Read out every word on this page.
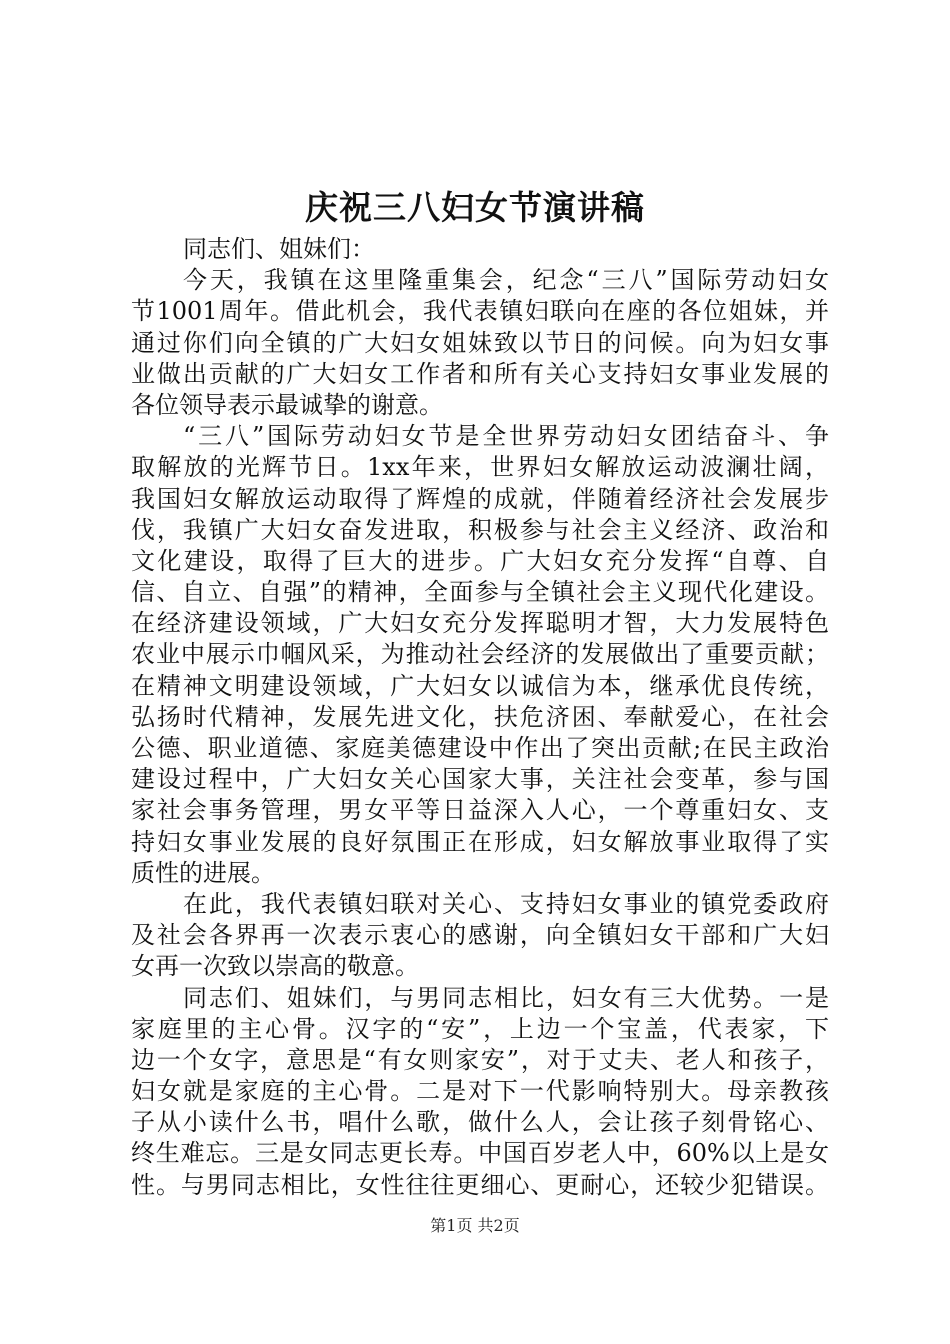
庆祝三八妇女节演讲稿
同志们、姐妹们：
今天，我镇在这里隆重集会，纪念“三八”国际劳动妇女
节1001周年。借此机会，我代表镇妇联向在座的各位姐妹，并
通过你们向全镇的广大妇女姐妹致以节日的问候。向为妇女事
业做出贡献的广大妇女工作者和所有关心支持妇女事业发展的
各位领导表示最诚挚的谢意。
“三八”国际劳动妇女节是全世界劳动妇女团结奋斗、争
取解放的光辉节日。1xx年来，世界妇女解放运动波澜壮阔，
我国妇女解放运动取得了辉煌的成就，伴随着经济社会发展步
伐，我镇广大妇女奋发进取，积极参与社会主义经济、政治和
文化建设，取得了巨大的进步。广大妇女充分发挥“自尊、自
信、自立、自强”的精神，全面参与全镇社会主义现代化建设。
在经济建设领域，广大妇女充分发挥聪明才智，大力发展特色
农业中展示巾帼风采，为推动社会经济的发展做出了重要贡献；
在精神文明建设领域，广大妇女以诚信为本，继承优良传统，
弘扬时代精神，发展先进文化，扶危济困、奉献爱心，在社会
公德、职业道德、家庭美德建设中作出了突出贡献;在民主政治
建设过程中，广大妇女关心国家大事，关注社会变革，参与国
家社会事务管理，男女平等日益深入人心，一个尊重妇女、支
持妇女事业发展的良好氛围正在形成，妇女解放事业取得了实
质性的进展。
在此，我代表镇妇联对关心、支持妇女事业的镇党委政府
及社会各界再一次表示衷心的感谢，向全镇妇女干部和广大妇
女再一次致以崇高的敬意。
同志们、姐妹们，与男同志相比，妇女有三大优势。一是
家庭里的主心骨。汉字的“安”，上边一个宝盖，代表家，下
边一个女字，意思是“有女则家安”，对于丈夫、老人和孩子，
妇女就是家庭的主心骨。二是对下一代影响特别大。母亲教孩
子从小读什么书，唱什么歌，做什么人，会让孩子刻骨铭心、
终生难忘。三是女同志更长寿。中国百岁老人中，60%以上是女
性。与男同志相比，女性往往更细心、更耐心，还较少犯错误。
第1页 共2页
